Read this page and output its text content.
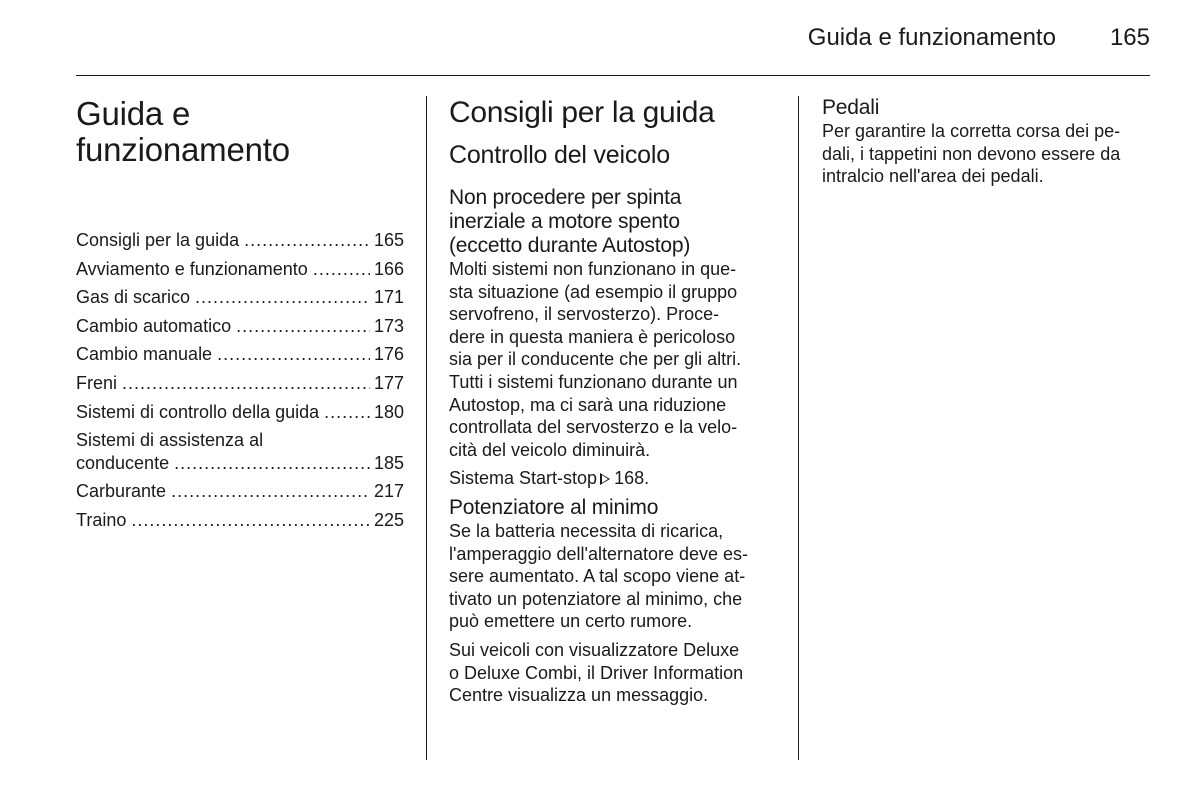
Guida e funzionamento 165
Guida e
funzionamento
Consigli per la guida .....	165
Avviamento e funzionamento .....	166
Gas di scarico .....	171
Cambio automatico .....	173
Cambio manuale .....	176
Freni .....	177
Sistemi di controllo della guida .....	180
Sistemi di assistenza al
conducente .....	185
Carburante .....	217
Traino .....	225
Consigli per la guida
Controllo del veicolo
Non procedere per spinta
inerziale a motore spento
(eccetto durante Autostop)

Molti sistemi non funzionano in que-
sta situazione (ad esempio il gruppo
servofreno, il servosterzo). Proce-
dere in questa maniera è pericoloso
sia per il conducente che per gli altri.
Tutti i sistemi funzionano durante un
Autostop, ma ci sarà una riduzione
controllata del servosterzo e la velo-
cità del veicolo diminuirà.

Sistema Start-stop 168.

Potenziatore al minimo

Se la batteria necessita di ricarica,
l'amperaggio dell'alternatore deve es-
sere aumentato. A tal scopo viene at-
tivato un potenziatore al minimo, che
può emettere un certo rumore.

Sui veicoli con visualizzatore Deluxe
o Deluxe Combi, il Driver Information
Centre visualizza un messaggio.

Pedali

Per garantire la corretta corsa dei pe-
dali, i tappetini non devono essere da
intralcio nell'area dei pedali.
